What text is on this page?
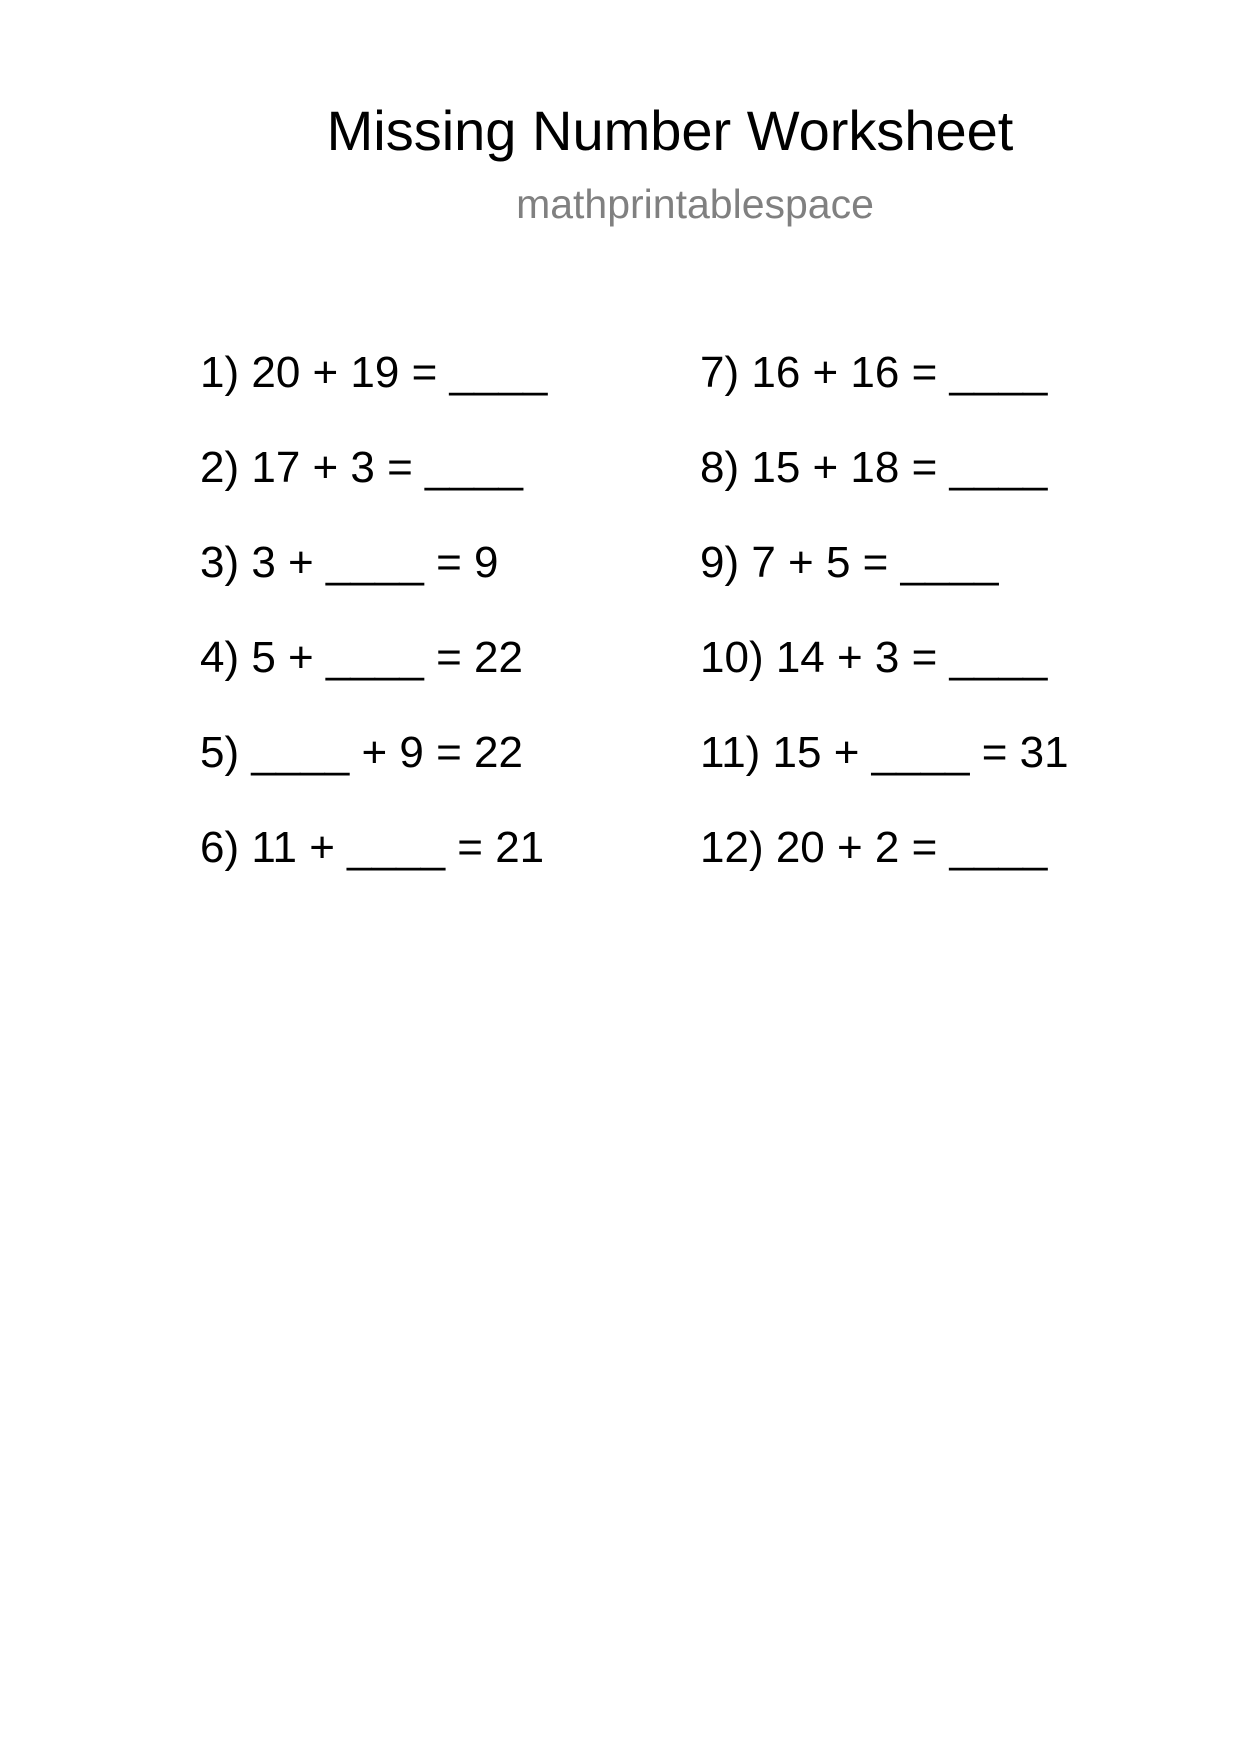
Missing Number Worksheet
mathprintablespace
1) 20 + 19 = ____
2) 17 + 3 = ____
3) 3 + ____ = 9
4) 5 + ____ = 22
5) ____ + 9 = 22
6) 11 + ____ = 21
7) 16 + 16 = ____
8) 15 + 18 = ____
9) 7 + 5 = ____
10) 14 + 3 = ____
11) 15 + ____ = 31
12) 20 + 2 = ____
